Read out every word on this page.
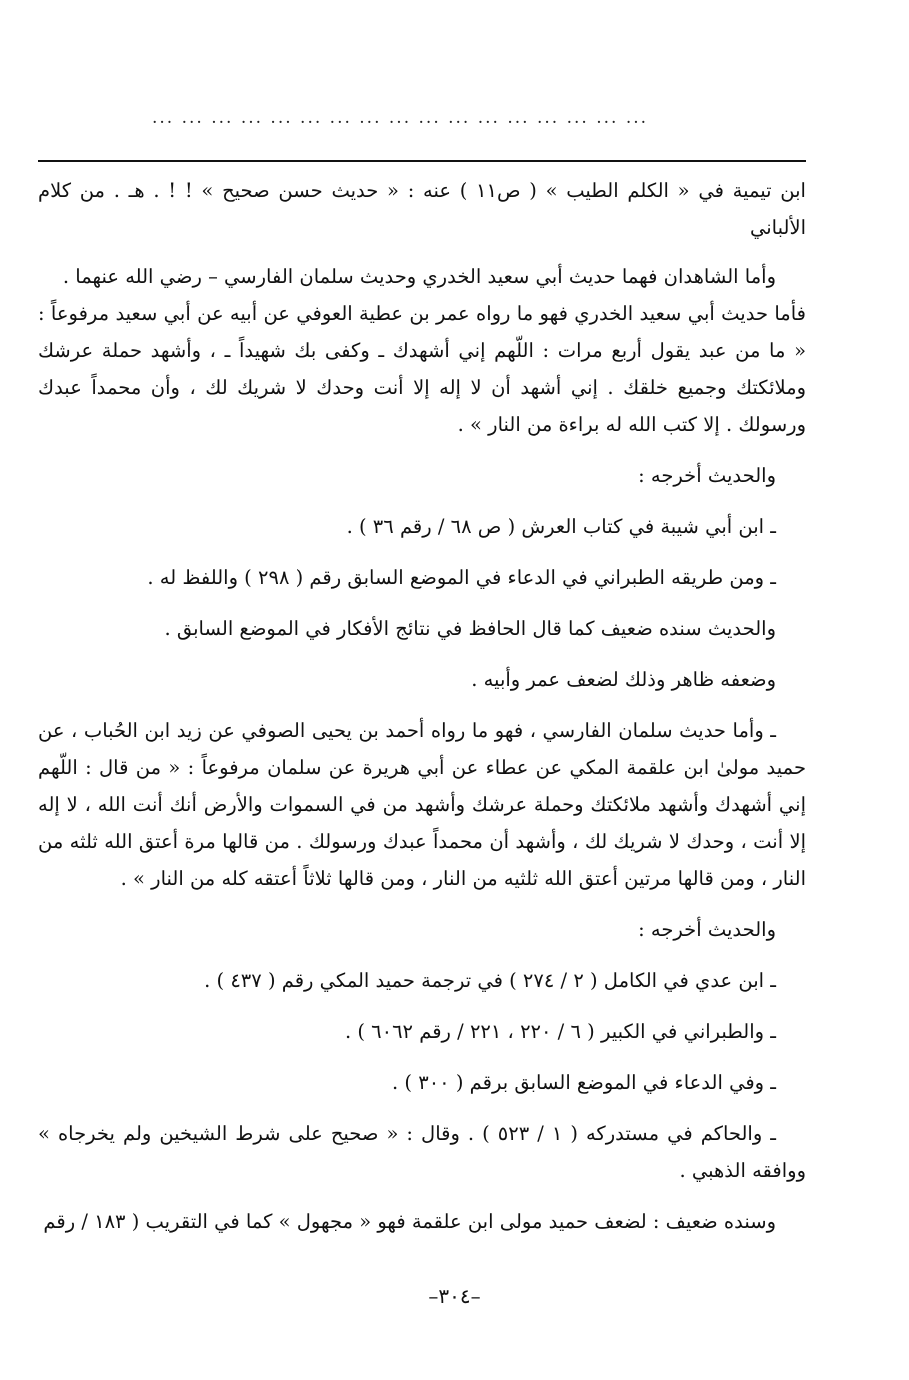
... ... ... ... ... ... ... ... ... ... ... ... ... ... ... ... ...

ابن تيمية في « الكلم الطيب » ( ص١١ ) عنه : « حديث حسن صحيح » ! ! . هـ . من كلام الألباني

وأما الشاهدان فهما حديث أبي سعيد الخدري وحديث سلمان الفارسي – رضي الله عنهما .

فأما حديث أبي سعيد الخدري فهو ما رواه عمر بن عطية العوفي عن أبيه عن أبي سعيد مرفوعاً : « ما من عبد يقول أربع مرات : اللّهم إني أشهدك ـ وكفى بك شهيداً ـ ، وأشهد حملة عرشك وملائكتك وجميع خلقك . إني أشهد أن لا إله إلا أنت وحدك لا شريك لك ، وأن محمداً عبدك ورسولك . إلا كتب الله له براءة من النار » .

والحديث أخرجه :

ـ ابن أبي شيبة في كتاب العرش ( ص ٦٨ / رقم ٣٦ ) .

ـ ومن طريقه الطبراني في الدعاء في الموضع السابق رقم ( ٢٩٨ ) واللفظ له .

والحديث سنده ضعيف كما قال الحافظ في نتائج الأفكار في الموضع السابق .

وضعفه ظاهر وذلك لضعف عمر وأبيه .

ـ وأما حديث سلمان الفارسي ، فهو ما رواه أحمد بن يحيى الصوفي عن زيد ابن الحُباب ، عن حميد مولىٰ ابن علقمة المكي عن عطاء عن أبي هريرة عن سلمان مرفوعاً : « من قال : اللّهم إني أشهدك وأشهد ملائكتك وحملة عرشك وأشهد من في السموات والأرض أنك أنت الله ، لا إله إلا أنت ، وحدك لا شريك لك ، وأشهد أن محمداً عبدك ورسولك . من قالها مرة أعتق الله ثلثه من النار ، ومن قالها مرتين أعتق الله ثلثيه من النار ، ومن قالها ثلاثاً أعتقه كله من النار » .

والحديث أخرجه :

ـ ابن عدي في الكامل ( ٢ / ٢٧٤ ) في ترجمة حميد المكي رقم ( ٤٣٧ ) .

ـ والطبراني في الكبير ( ٦ / ٢٢٠ ، ٢٢١ / رقم ٦٠٦٢ ) .

ـ وفي الدعاء في الموضع السابق برقم ( ٣٠٠ ) .

ـ والحاكم في مستدركه ( ١ / ٥٢٣ ) . وقال : « صحيح على شرط الشيخين ولم يخرجاه » ووافقه الذهبي .

وسنده ضعيف : لضعف حميد مولى ابن علقمة فهو « مجهول » كما في التقريب ( ١٨٣ / رقم

–٣٠٤–
